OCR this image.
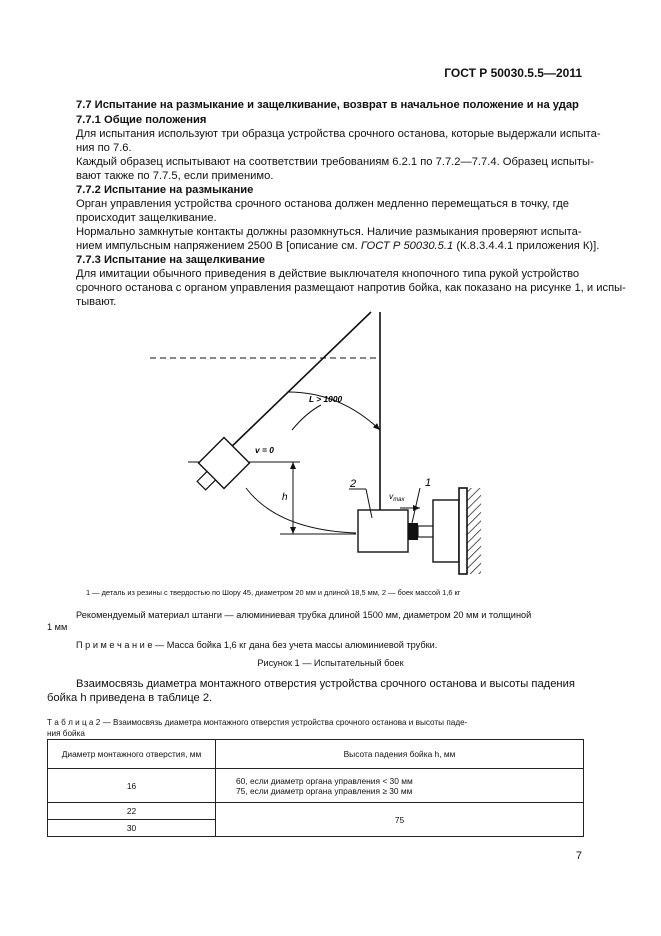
ГОСТ Р 50030.5.5—2011
7.7 Испытание на размыкание и защелкивание, возврат в начальное положение и на удар
7.7.1 Общие положения
Для испытания используют три образца устройства срочного останова, которые выдержали испыта-
ния по 7.6.
Каждый образец испытывают на соответствии требованиям 6.2.1 по 7.7.2—7.7.4. Образец испыты-
вают также по 7.7.5, если применимо.
7.7.2 Испытание на размыкание
Орган управления устройства срочного останова должен медленно перемещаться в точку, где
происходит защелкивание.
Нормально замкнутые контакты должны разомкнуться. Наличие размыкания проверяют испыта-
нием импульсным напряжением 2500 В [описание см. ГОСТ Р 50030.5.1 (К.8.3.4.4.1 приложения К)].
7.7.3 Испытание на защелкивание
Для имитации обычного приведения в действие выключателя кнопочного типа рукой устройство
срочного останова с органом управления размещают напротив бойка, как показано на рисунке 1, и испы-
тывают.
L > 1000
v = 0
h
2	1
$v_{max}$
1 — деталь из резины с твердостью по Шору 45, диаметром 20 мм и длиной 18,5 мм, 2 — боек массой 1,6 кг
Рекомендуемый материал штанги — алюминиевая трубка длиной 1500 мм, диаметром 20 мм и толщиной
1 мм
П р и м е ч а н и е — Масса бойка 1,6 кг дана без учета массы алюминиевой трубки.
Рисунок 1 — Испытательный боек
Взаимосвязь диаметра монтажного отверстия устройства срочного останова и высоты падения
бойка h приведена в таблице 2.
Т а б л и ц а 2 — Взаимосвязь диаметра монтажного отверстия устройства срочного останова и высоты паде-
ния бойка
Диаметр монтажного отверстия, мм	Высота падения бойка h, мм
16	60, если диаметр органа управления < 30 мм
75, если диаметр органа управления ≥ 30 мм

22	75
30	
7
